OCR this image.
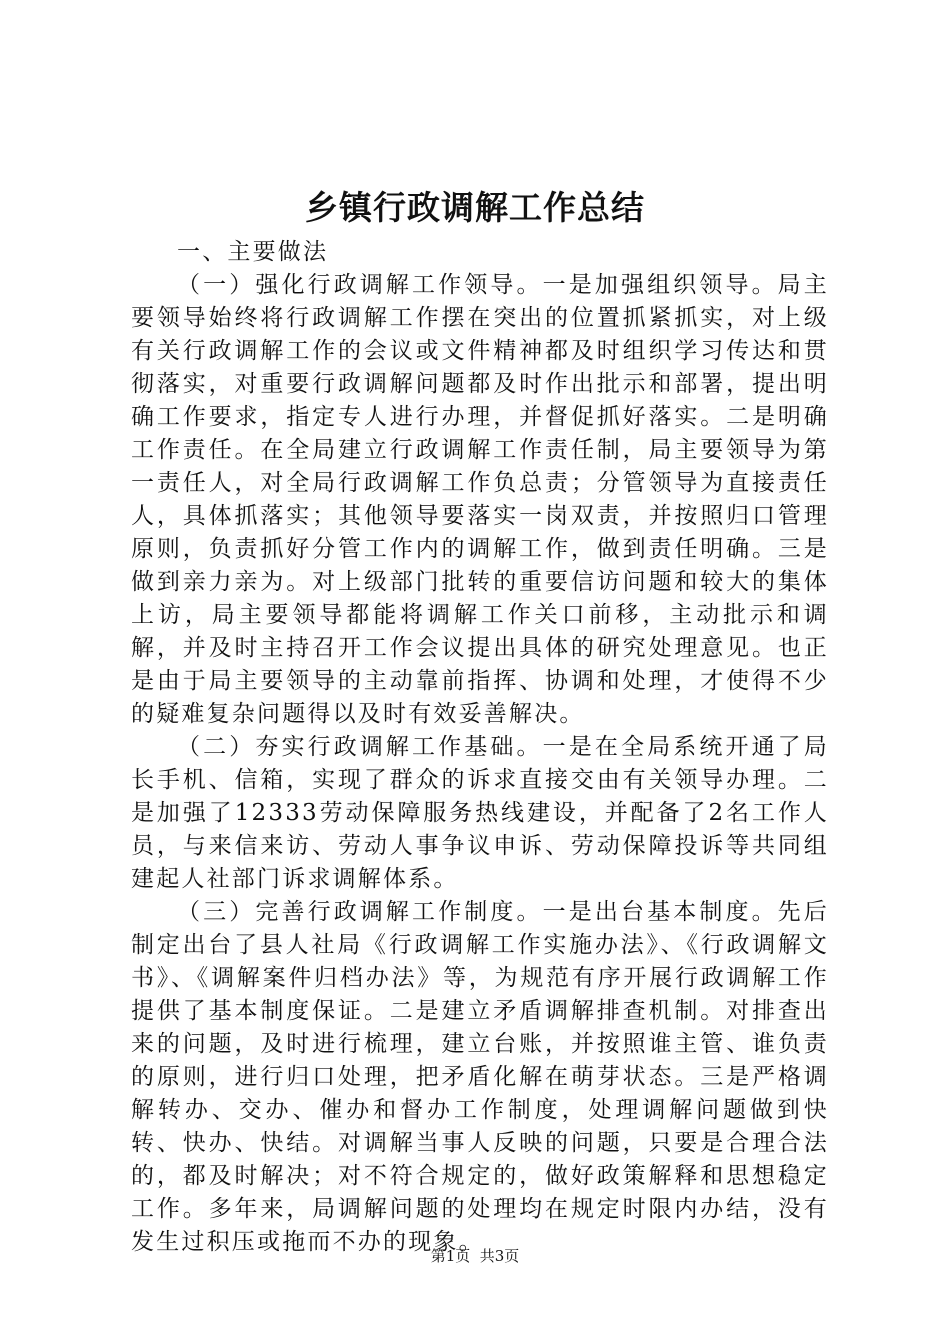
乡镇行政调解工作总结

一、主要做法

（一）强化行政调解工作领导。一是加强组织领导。局主要领导始终将行政调解工作摆在突出的位置抓紧抓实，对上级有关行政调解工作的会议或文件精神都及时组织学习传达和贯彻落实，对重要行政调解问题都及时作出批示和部署，提出明确工作要求，指定专人进行办理，并督促抓好落实。二是明确工作责任。在全局建立行政调解工作责任制，局主要领导为第一责任人，对全局行政调解工作负总责；分管领导为直接责任人，具体抓落实；其他领导要落实一岗双责，并按照归口管理原则，负责抓好分管工作内的调解工作，做到责任明确。三是做到亲力亲为。对上级部门批转的重要信访问题和较大的集体上访，局主要领导都能将调解工作关口前移，主动批示和调解，并及时主持召开工作会议提出具体的研究处理意见。也正是由于局主要领导的主动靠前指挥、协调和处理，才使得不少的疑难复杂问题得以及时有效妥善解决。

（二）夯实行政调解工作基础。一是在全局系统开通了局长手机、信箱，实现了群众的诉求直接交由有关领导办理。二是加强了12333劳动保障服务热线建设，并配备了2名工作人员，与来信来访、劳动人事争议申诉、劳动保障投诉等共同组建起人社部门诉求调解体系。

（三）完善行政调解工作制度。一是出台基本制度。先后制定出台了县人社局《行政调解工作实施办法》、《行政调解文书》、《调解案件归档办法》等，为规范有序开展行政调解工作提供了基本制度保证。二是建立矛盾调解排查机制。对排查出来的问题，及时进行梳理，建立台账，并按照谁主管、谁负责的原则，进行归口处理，把矛盾化解在萌芽状态。三是严格调解转办、交办、催办和督办工作制度，处理调解问题做到快转、快办、快结。对调解当事人反映的问题，只要是合理合法的，都及时解决；对不符合规定的，做好政策解释和思想稳定工作。多年来，局调解问题的处理均在规定时限内办结，没有发生过积压或拖而不办的现象。

第1页  共3页
